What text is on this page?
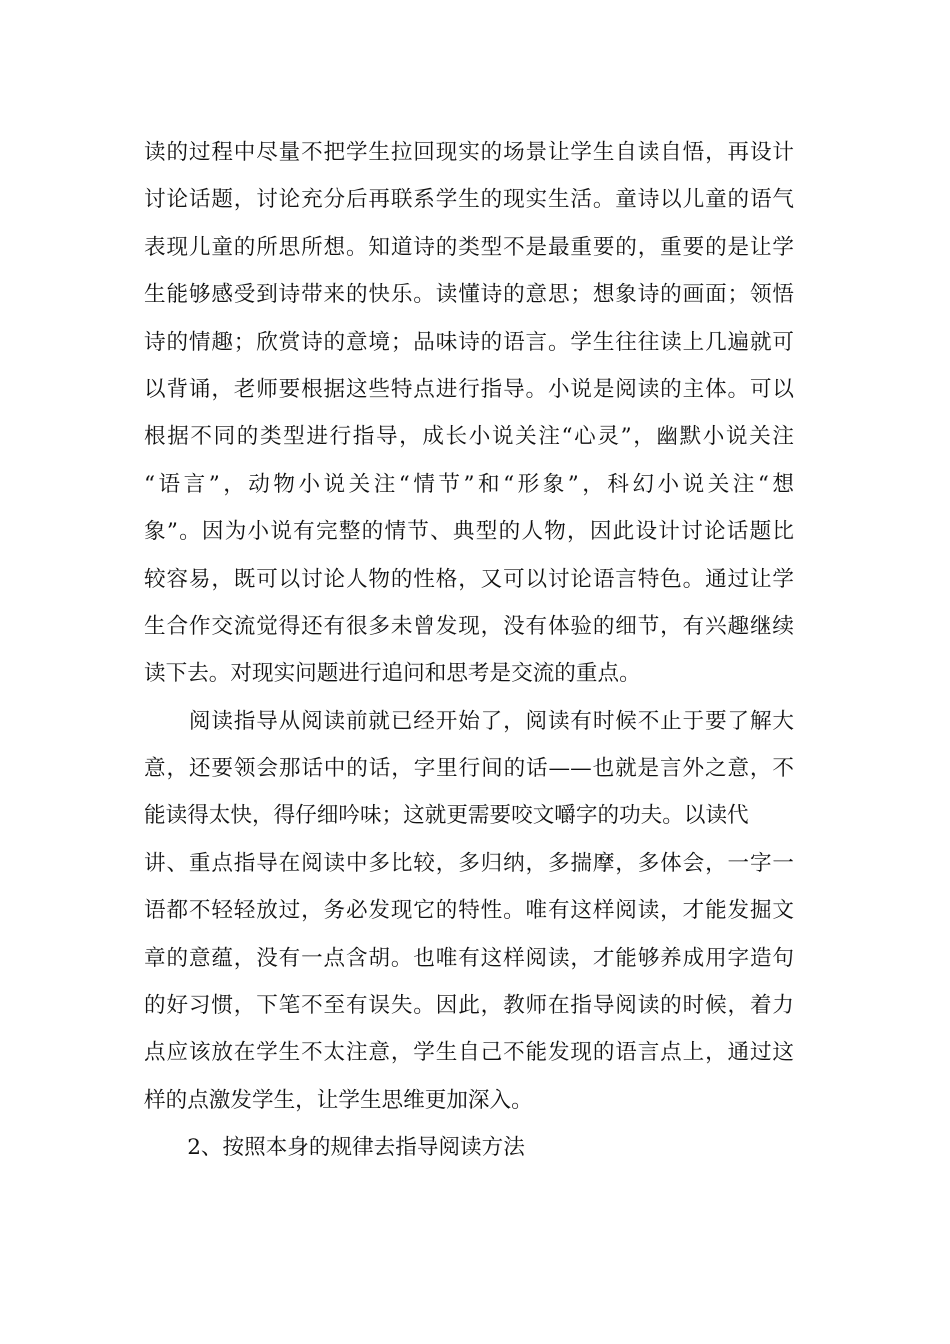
读的过程中尽量不把学生拉回现实的场景让学生自读自悟，再设计
讨论话题，讨论充分后再联系学生的现实生活。童诗以儿童的语气
表现儿童的所思所想。知道诗的类型不是最重要的，重要的是让学
生能够感受到诗带来的快乐。读懂诗的意思；想象诗的画面；领悟
诗的情趣；欣赏诗的意境；品味诗的语言。学生往往读上几遍就可
以背诵，老师要根据这些特点进行指导。小说是阅读的主体。可以
根据不同的类型进行指导，成长小说关注“心灵”，幽默小说关注
“语言”，动物小说关注“情节”和“形象”，科幻小说关注“想
象”。因为小说有完整的情节、典型的人物，因此设计讨论话题比
较容易，既可以讨论人物的性格，又可以讨论语言特色。通过让学
生合作交流觉得还有很多未曾发现，没有体验的细节，有兴趣继续
读下去。对现实问题进行追问和思考是交流的重点。
　　阅读指导从阅读前就已经开始了，阅读有时候不止于要了解大
意，还要领会那话中的话，字里行间的话——也就是言外之意，不
能读得太快，得仔细吟味；这就更需要咬文嚼字的功夫。以读代
讲、重点指导在阅读中多比较，多归纳，多揣摩，多体会，一字一
语都不轻轻放过，务必发现它的特性。唯有这样阅读，才能发掘文
章的意蕴，没有一点含胡。也唯有这样阅读，才能够养成用字造句
的好习惯，下笔不至有误失。因此，教师在指导阅读的时候，着力
点应该放在学生不太注意，学生自己不能发现的语言点上，通过这
样的点激发学生，让学生思维更加深入。
　　2、按照本身的规律去指导阅读方法
